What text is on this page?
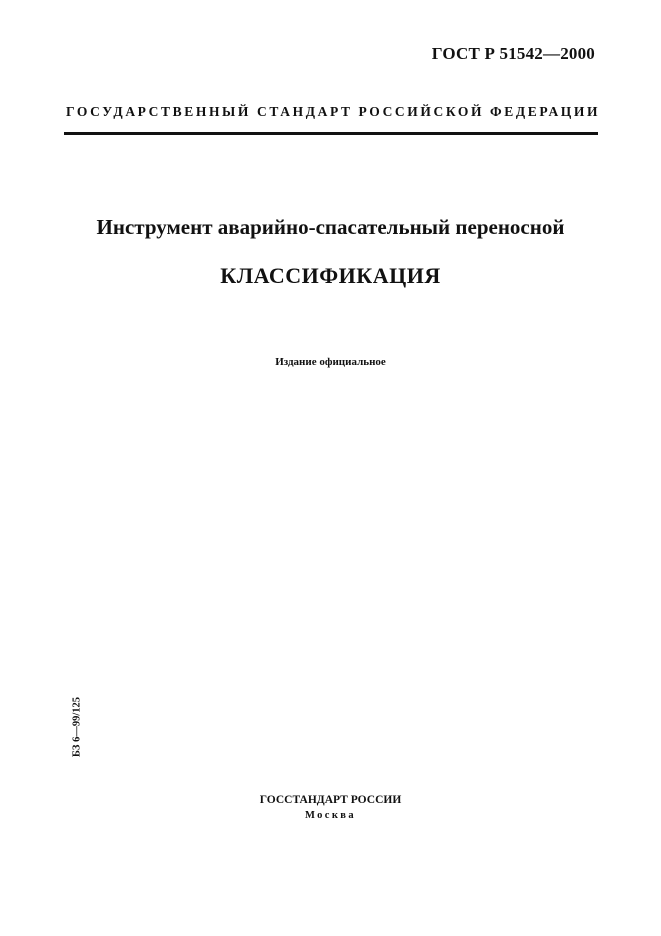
ГОСТ Р 51542—2000
ГОСУДАРСТВЕННЫЙ СТАНДАРТ РОССИЙСКОЙ ФЕДЕРАЦИИ
Инструмент аварийно-спасательный переносной
КЛАССИФИКАЦИЯ
Издание официальное
БЗ 6—99/125
ГОССТАНДАРТ РОССИИ
Москва
